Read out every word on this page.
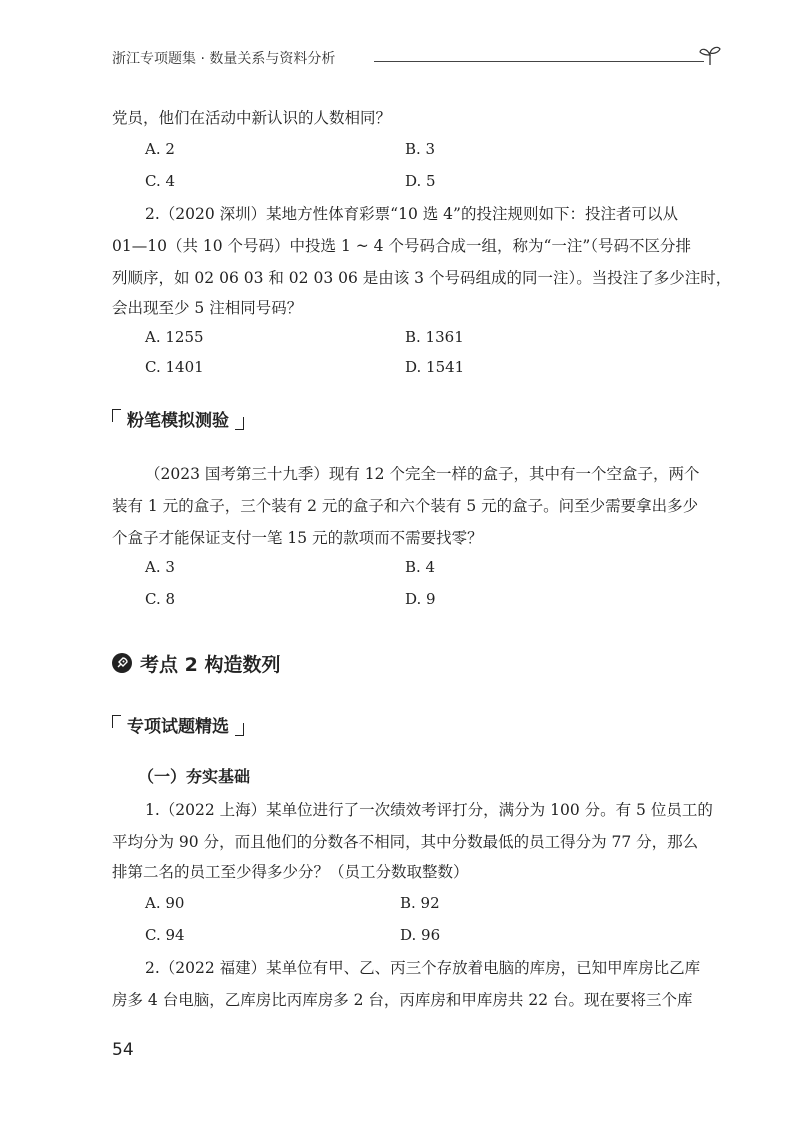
浙江专项题集 · 数量关系与资料分析
党员，他们在活动中新认识的人数相同？
A. 2	B. 3
C. 4	D. 5
2.（2020 深圳）某地方性体育彩票“10 选 4”的投注规则如下：投注者可以从
01—10（共 10 个号码）中投选 1 ~ 4 个号码合成一组，称为“一注”（号码不区分排
列顺序，如 02 06 03 和 02 03 06 是由该 3 个号码组成的同一注）。当投注了多少注时，
会出现至少 5 注相同号码？
A. 1255	B. 1361
C. 1401	D. 1541
粉笔模拟测验
（2023 国考第三十九季）现有 12 个完全一样的盒子，其中有一个空盒子，两个
装有 1 元的盒子，三个装有 2 元的盒子和六个装有 5 元的盒子。问至少需要拿出多少
个盒子才能保证支付一笔 15 元的款项而不需要找零？
A. 3	B. 4
C. 8	D. 9
考点 2 构造数列
专项试题精选
（一）夯实基础
1.（2022 上海）某单位进行了一次绩效考评打分，满分为 100 分。有 5 位员工的
平均分为 90 分，而且他们的分数各不相同，其中分数最低的员工得分为 77 分，那么
排第二名的员工至少得多少分？（员工分数取整数）
A. 90	B. 92
C. 94	D. 96
2.（2022 福建）某单位有甲、乙、丙三个存放着电脑的库房，已知甲库房比乙库
房多 4 台电脑，乙库房比丙库房多 2 台，丙库房和甲库房共 22 台。现在要将三个库
54
